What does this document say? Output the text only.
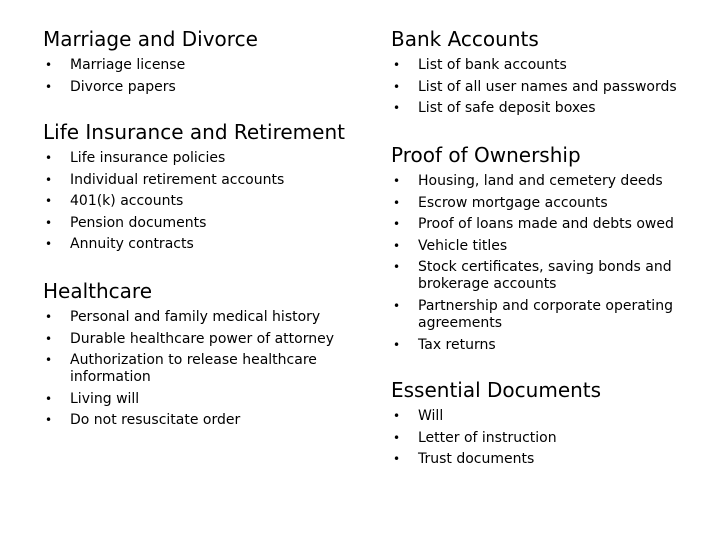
Marriage and Divorce
• Marriage license
• Divorce papers
Life Insurance and Retirement
• Life insurance policies
• Individual retirement accounts
• 401(k) accounts
• Pension documents
• Annuity contracts
Healthcare
• Personal and family medical history
• Durable healthcare power of attorney
• Authorization to release healthcare information
• Living will
• Do not resuscitate order
Bank Accounts
• List of bank accounts
• List of all user names and passwords
• List of safe deposit boxes
Proof of Ownership
• Housing, land and cemetery deeds
• Escrow mortgage accounts
• Proof of loans made and debts owed
• Vehicle titles
• Stock certificates, saving bonds and brokerage accounts
• Partnership and corporate operating agreements
• Tax returns
Essential Documents
• Will
• Letter of instruction
• Trust documents
